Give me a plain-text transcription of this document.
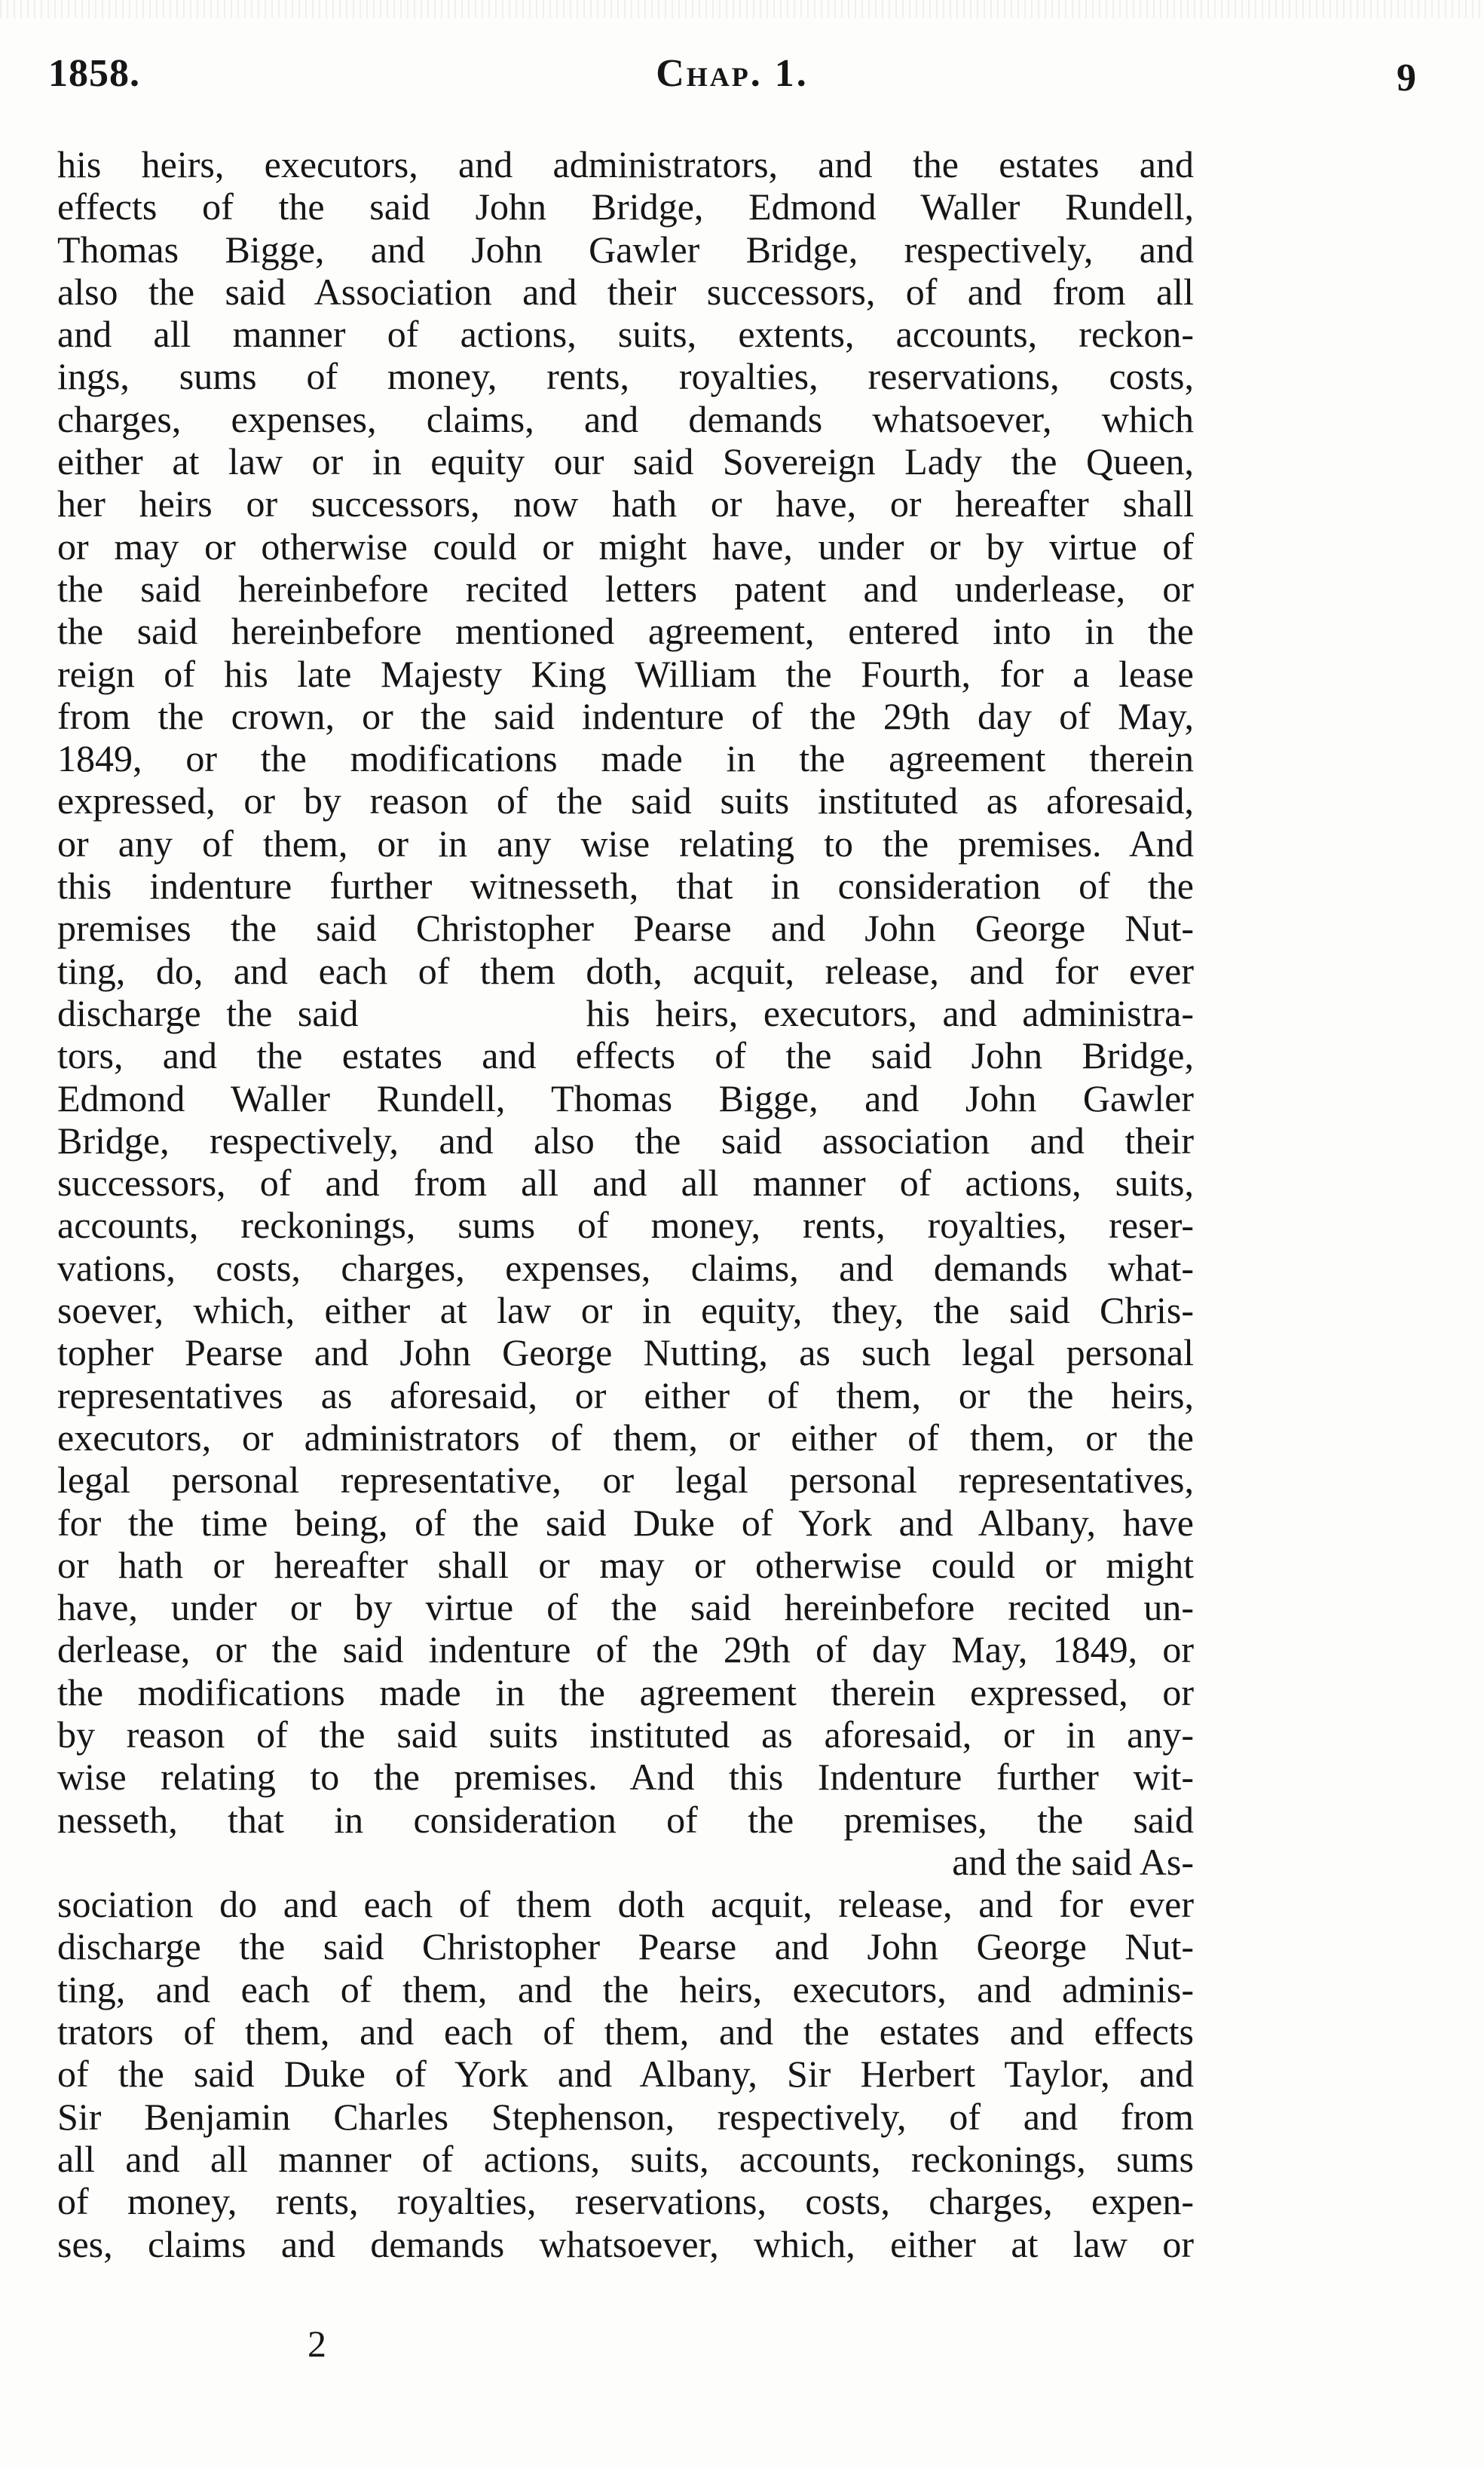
1858.	Chap. 1.	9
his heirs, executors, and administrators, and the estates and
effects of the said John Bridge, Edmond Waller Rundell,
Thomas Bigge, and John Gawler Bridge, respectively, and
also the said Association and their successors, of and from all
and all manner of actions, suits, extents, accounts, reckon-
ings, sums of money, rents, royalties, reservations, costs,
charges, expenses, claims, and demands whatsoever, which
either at law or in equity our said Sovereign Lady the Queen,
her heirs or successors, now hath or have, or hereafter shall
or may or otherwise could or might have, under or by virtue of
the said hereinbefore recited letters patent and underlease, or
the said hereinbefore mentioned agreement, entered into in the
reign of his late Majesty King William the Fourth, for a lease
from the crown, or the said indenture of the 29th day of May,
1849, or the modifications made in the agreement therein
expressed, or by reason of the said suits instituted as aforesaid,
or any of them, or in any wise relating to the premises. And
this indenture further witnesseth, that in consideration of the
premises the said Christopher Pearse and John George Nut-
ting, do, and each of them doth, acquit, release, and for ever
discharge the said         his heirs, executors, and administra-
tors, and the estates and effects of the said John Bridge,
Edmond Waller Rundell, Thomas Bigge, and John Gawler
Bridge, respectively, and also the said association and their
successors, of and from all and all manner of actions, suits,
accounts, reckonings, sums of money, rents, royalties, reser-
vations, costs, charges, expenses, claims, and demands what-
soever, which, either at law or in equity, they, the said Chris-
topher Pearse and John George Nutting, as such legal personal
representatives as aforesaid, or either of them, or the heirs,
executors, or administrators of them, or either of them, or the
legal personal representative, or legal personal representatives,
for the time being, of the said Duke of York and Albany, have
or hath or hereafter shall or may or otherwise could or might
have, under or by virtue of the said hereinbefore recited un-
derlease, or the said indenture of the 29th of day May, 1849, or
the modifications made in the agreement therein expressed, or
by reason of the said suits instituted as aforesaid, or in any-
wise relating to the premises. And this Indenture further wit-
nesseth, that in consideration of the premises, the said
and the said As-
sociation do and each of them doth acquit, release, and for ever
discharge the said Christopher Pearse and John George Nut-
ting, and each of them, and the heirs, executors, and adminis-
trators of them, and each of them, and the estates and effects
of the said Duke of York and Albany, Sir Herbert Taylor, and
Sir Benjamin Charles Stephenson, respectively, of and from
all and all manner of actions, suits, accounts, reckonings, sums
of money, rents, royalties, reservations, costs, charges, expen-
ses, claims and demands whatsoever, which, either at law or
2
